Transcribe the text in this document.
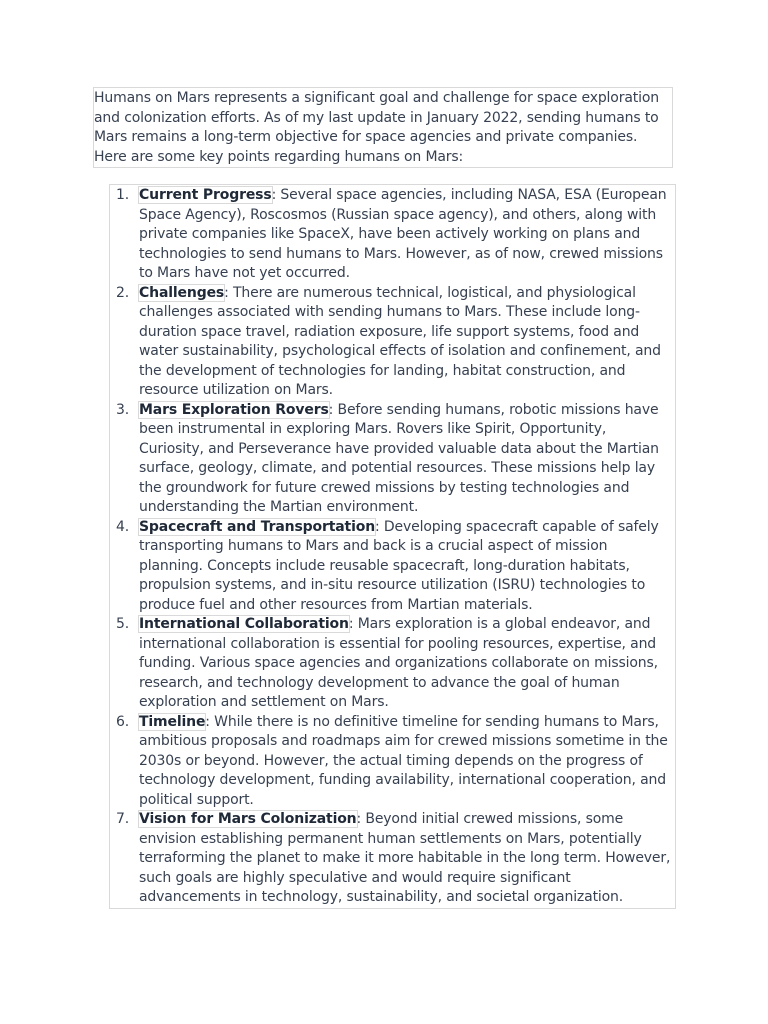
Humans on Mars represents a significant goal and challenge for space exploration and colonization efforts. As of my last update in January 2022, sending humans to Mars remains a long-term objective for space agencies and private companies. Here are some key points regarding humans on Mars:
1. Current Progress: Several space agencies, including NASA, ESA (European Space Agency), Roscosmos (Russian space agency), and others, along with private companies like SpaceX, have been actively working on plans and technologies to send humans to Mars. However, as of now, crewed missions to Mars have not yet occurred.
2. Challenges: There are numerous technical, logistical, and physiological challenges associated with sending humans to Mars. These include long-duration space travel, radiation exposure, life support systems, food and water sustainability, psychological effects of isolation and confinement, and the development of technologies for landing, habitat construction, and resource utilization on Mars.
3. Mars Exploration Rovers: Before sending humans, robotic missions have been instrumental in exploring Mars. Rovers like Spirit, Opportunity, Curiosity, and Perseverance have provided valuable data about the Martian surface, geology, climate, and potential resources. These missions help lay the groundwork for future crewed missions by testing technologies and understanding the Martian environment.
4. Spacecraft and Transportation: Developing spacecraft capable of safely transporting humans to Mars and back is a crucial aspect of mission planning. Concepts include reusable spacecraft, long-duration habitats, propulsion systems, and in-situ resource utilization (ISRU) technologies to produce fuel and other resources from Martian materials.
5. International Collaboration: Mars exploration is a global endeavor, and international collaboration is essential for pooling resources, expertise, and funding. Various space agencies and organizations collaborate on missions, research, and technology development to advance the goal of human exploration and settlement on Mars.
6. Timeline: While there is no definitive timeline for sending humans to Mars, ambitious proposals and roadmaps aim for crewed missions sometime in the 2030s or beyond. However, the actual timing depends on the progress of technology development, funding availability, international cooperation, and political support.
7. Vision for Mars Colonization: Beyond initial crewed missions, some envision establishing permanent human settlements on Mars, potentially terraforming the planet to make it more habitable in the long term. However, such goals are highly speculative and would require significant advancements in technology, sustainability, and societal organization.
